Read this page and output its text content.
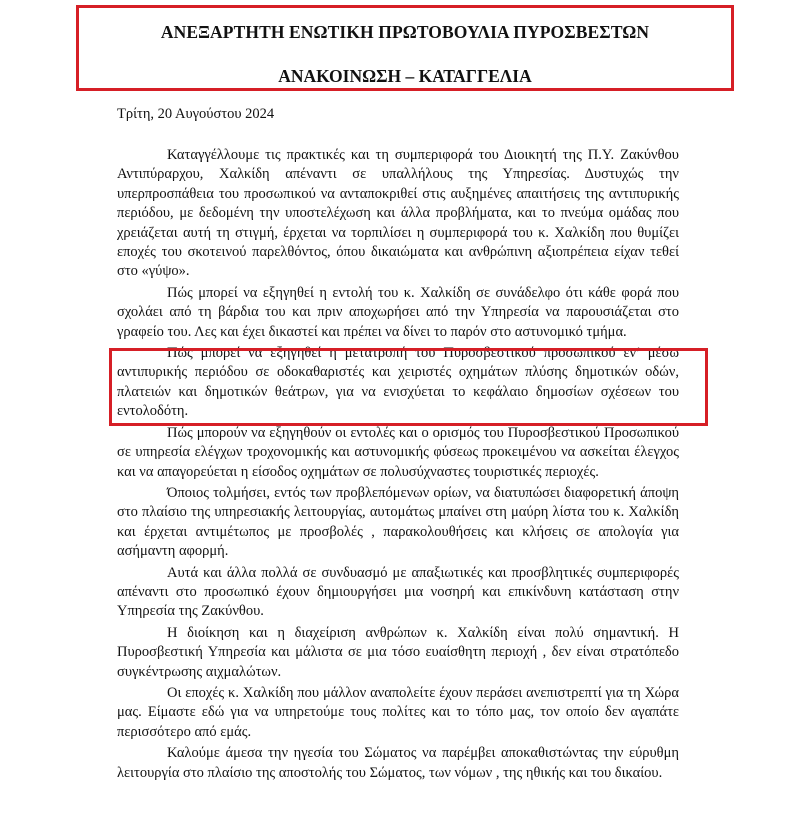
ΑΝΕΞΑΡΤΗΤΗ ΕΝΩΤΙΚΗ ΠΡΩΤΟΒΟΥΛΙΑ ΠΥΡΟΣΒΕΣΤΩΝ
ΑΝΑΚΟΙΝΩΣΗ – ΚΑΤΑΓΓΕΛΙΑ
Τρίτη, 20 Αυγούστου 2024

Καταγγέλλουμε τις πρακτικές και τη συμπεριφορά του Διοικητή της Π.Υ. Ζακύνθου Αντιπύραρχου, Χαλκίδη απέναντι σε υπαλλήλους της Υπηρεσίας. Δυστυχώς την υπερπροσπάθεια του προσωπικού να ανταποκριθεί στις αυξημένες απαιτήσεις της αντιπυρικής περιόδου, με δεδομένη την υποστελέχωση και άλλα προβλήματα, και το πνεύμα ομάδας που χρειάζεται αυτή τη στιγμή, έρχεται να τορπιλίσει η συμπεριφορά του κ. Χαλκίδη που θυμίζει εποχές του σκοτεινού παρελθόντος, όπου δικαιώματα και ανθρώπινη αξιοπρέπεια είχαν τεθεί στο «γύψο».

Πώς μπορεί να εξηγηθεί η εντολή του κ. Χαλκίδη σε συνάδελφο ότι κάθε φορά που σχολάει από τη βάρδια του και πριν αποχωρήσει από την Υπηρεσία να παρουσιάζεται στο γραφείο του. Λες και έχει δικαστεί και πρέπει να δίνει το παρόν στο αστυνομικό τμήμα.

Πώς μπορεί να εξηγηθεί η μετατροπή του Πυροσβεστικού προσωπικού εν’ μέσω αντιπυρικής περιόδου σε οδοκαθαριστές και χειριστές οχημάτων πλύσης δημοτικών οδών, πλατειών και δημοτικών θεάτρων, για να ενισχύεται το κεφάλαιο δημοσίων σχέσεων του εντολοδότη.

Πώς μπορούν να εξηγηθούν οι εντολές και ο ορισμός του Πυροσβεστικού Προσωπικού σε υπηρεσία ελέγχων τροχονομικής και αστυνομικής φύσεως προκειμένου να ασκείται έλεγχος και να απαγορεύεται η είσοδος οχημάτων σε πολυσύχναστες τουριστικές περιοχές.

Όποιος τολμήσει, εντός των προβλεπόμενων ορίων, να διατυπώσει διαφορετική άποψη στο πλαίσιο της υπηρεσιακής λειτουργίας, αυτομάτως μπαίνει στη μαύρη λίστα του κ. Χαλκίδη και έρχεται αντιμέτωπος με προσβολές , παρακολουθήσεις και κλήσεις σε απολογία για ασήμαντη αφορμή.

Αυτά και άλλα πολλά σε συνδυασμό με απαξιωτικές και προσβλητικές συμπεριφορές απέναντι στο προσωπικό έχουν δημιουργήσει μια νοσηρή και επικίνδυνη κατάσταση στην Υπηρεσία της Ζακύνθου.

Η διοίκηση και η διαχείριση ανθρώπων κ. Χαλκίδη είναι πολύ σημαντική. Η Πυροσβεστική Υπηρεσία και μάλιστα σε μια τόσο ευαίσθητη περιοχή , δεν είναι στρατόπεδο συγκέντρωσης αιχμαλώτων.

Οι εποχές κ. Χαλκίδη που μάλλον αναπολείτε έχουν περάσει ανεπιστρεπτί για τη Χώρα μας. Είμαστε εδώ για να υπηρετούμε τους πολίτες και το τόπο μας, τον οποίο δεν αγαπάτε περισσότερο από εμάς.

Καλούμε άμεσα την ηγεσία του Σώματος να παρέμβει αποκαθιστώντας την εύρυθμη λειτουργία στο πλαίσιο της αποστολής του Σώματος, των νόμων , της ηθικής και του δικαίου.
